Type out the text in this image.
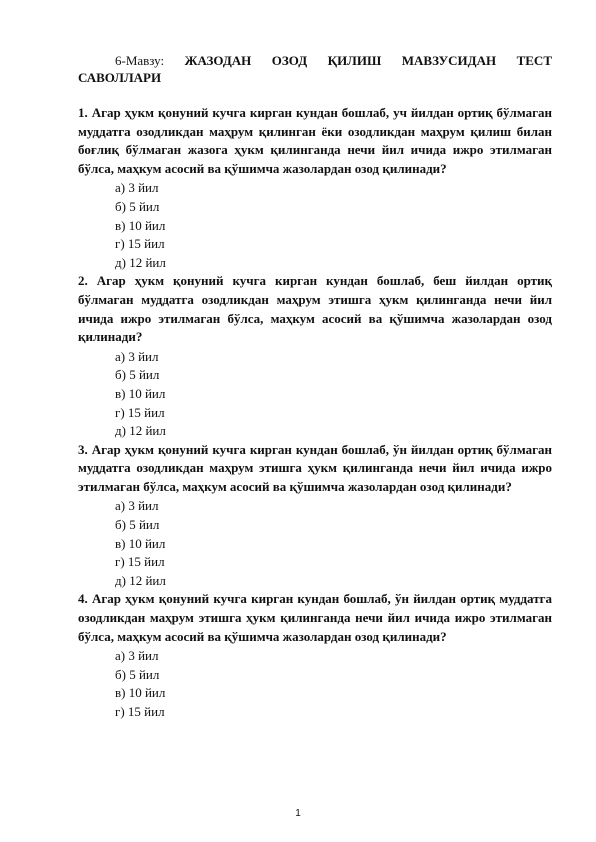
6-Мавзу: ЖАЗОДАН ОЗОД ҚИЛИШ МАВЗУСИДАН ТЕСТ САВОЛЛАРИ

1. Агар ҳукм қонуний кучга кирган кундан бошлаб, уч йилдан ортиқ бўлмаган муддатга озодликдан маҳрум қилинган ёки озодликдан маҳрум қилиш билан боғлиқ бўлмаган жазога ҳукм қилинганда нечи йил ичида ижро этилмаган бўлса, маҳкум асосий ва қўшимча жазолардан озод қилинади?

а) 3 йил
б) 5 йил
в) 10 йил
г) 15 йил
д) 12 йил

2. Агар ҳукм қонуний кучга кирган кундан бошлаб, беш йилдан ортиқ бўлмаган муддатга озодликдан маҳрум этишга ҳукм қилинганда нечи йил ичида ижро этилмаган бўлса, маҳкум асосий ва қўшимча жазолардан озод қилинади?

а) 3 йил
б) 5 йил
в) 10 йил
г) 15 йил
д) 12 йил

3. Агар ҳукм қонуний кучга кирган кундан бошлаб, ўн йилдан ортиқ бўлмаган муддатга озодликдан маҳрум этишга ҳукм қилинганда нечи йил ичида ижро этилмаган бўлса, маҳкум асосий ва қўшимча жазолардан озод қилинади?

а) 3 йил
б) 5 йил
в) 10 йил
г) 15 йил
д) 12 йил

4. Агар ҳукм қонуний кучга кирган кундан бошлаб, ўн йилдан ортиқ муддатга озодликдан маҳрум этишга ҳукм қилинганда нечи йил ичида ижро этилмаган бўлса, маҳкум асосий ва қўшимча жазолардан озод қилинади?

а) 3 йил
б) 5 йил
в) 10 йил
г) 15 йил
1
